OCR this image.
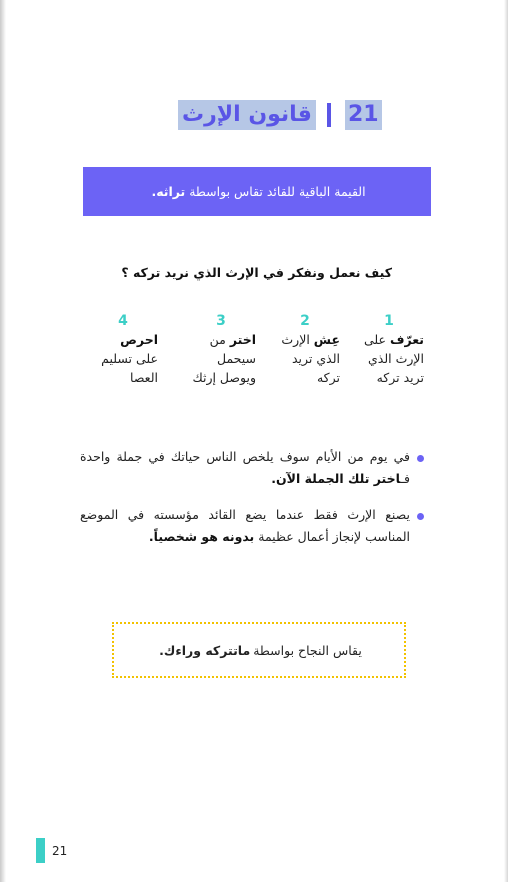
21
قانون الإرث
القيمة الباقية للقائد تقاس بواسطة

تراثه.
كيف نعمل ونفكر في الإرث الذي نريد تركه ؟
1
تعرّف على
الإرث الذي
تريد تركه
2
عِش الإرث
الذي تريد
تركه
3
اختر من
سيحمل
ويوصل إرثك
4
احرص
على تسليم
العصا
في يوم من الأيام سوف يلخص الناس حياتك في جملة واحدة فـاختر تلك الجملة الآن.
يصنع الإرث فقط عندما يضع القائد مؤسسته في الموضع المناسب لإنجاز أعمال عظيمة بدونه هو شخصياً.
يقاس النجاح بواسطة
ماتتركه وراءك.
21
